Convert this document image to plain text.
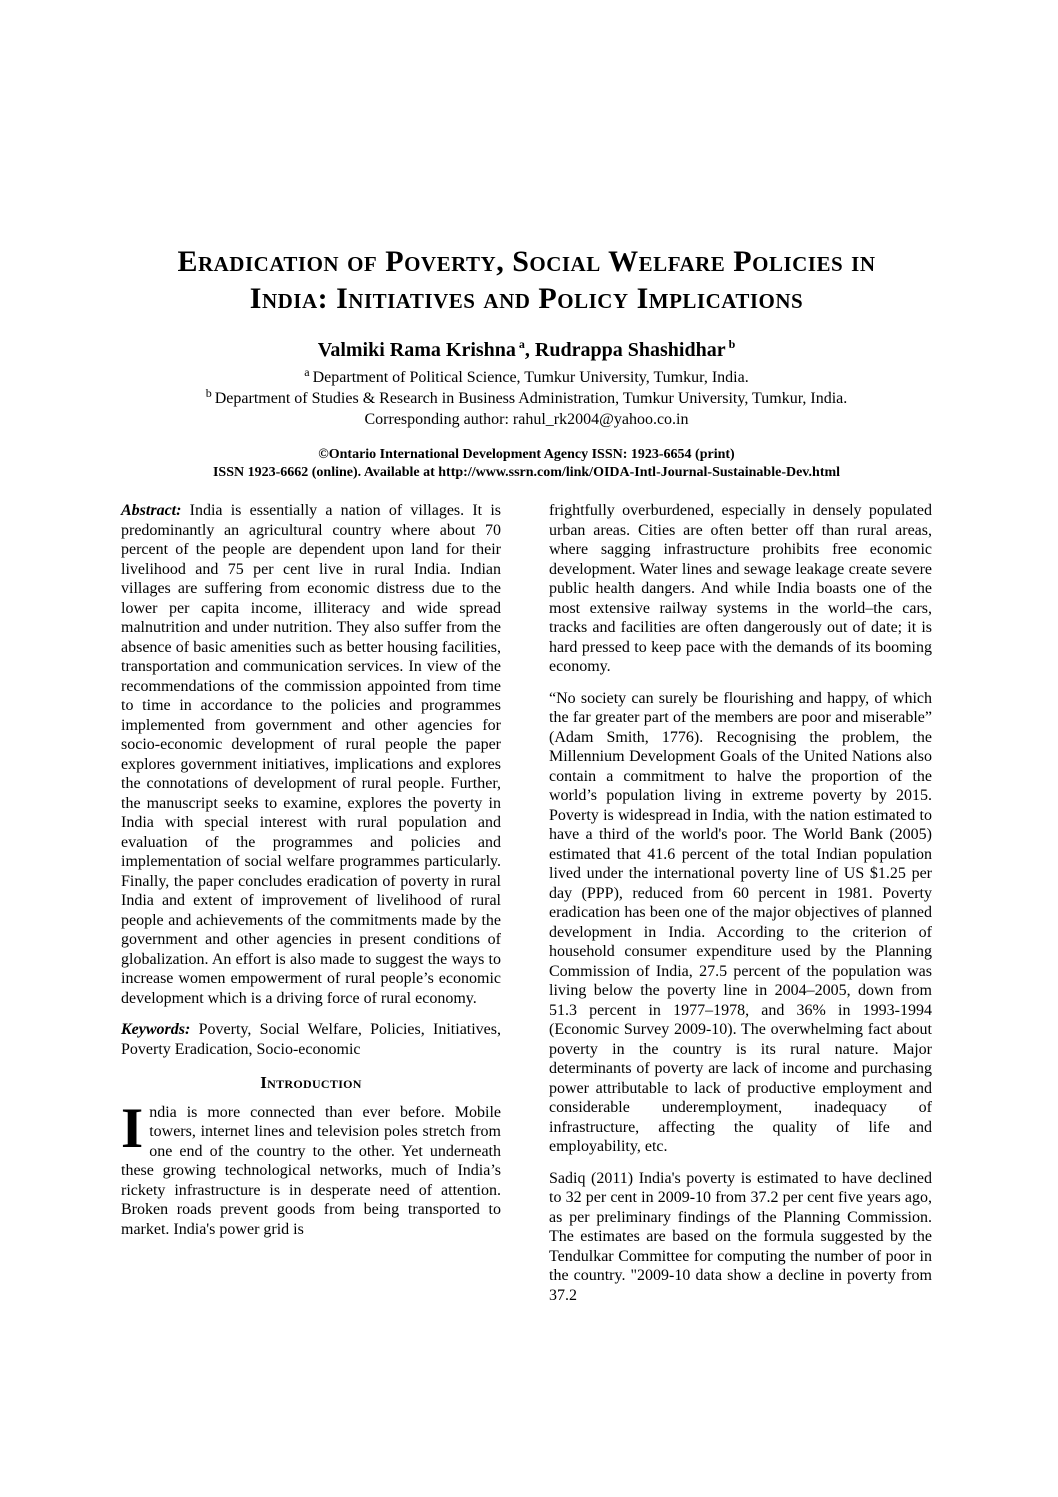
Eradication of Poverty, Social Welfare Policies in
India: Initiatives and Policy Implications
Valmiki Rama Krishna $^a$, Rudrappa Shashidhar $^b$
$^a$ Department of Political Science, Tumkur University, Tumkur, India.
$^b$ Department of Studies & Research in Business Administration, Tumkur University, Tumkur, India.
Corresponding author: rahul_rk2004@yahoo.co.in
©Ontario International Development Agency ISSN: 1923-6654 (print)
ISSN 1923-6662 (online). Available at http://www.ssrn.com/link/OIDA-Intl-Journal-Sustainable-Dev.html

Abstract: India is essentially a nation of villages. It is predominantly an agricultural country where about 70 percent of the people are dependent upon land for their livelihood and 75 per cent live in rural India. Indian villages are suffering from economic distress due to the lower per capita income, illiteracy and wide spread malnutrition and under nutrition. They also suffer from the absence of basic amenities such as better housing facilities, transportation and communication services. In view of the recommendations of the commission appointed from time to time in accordance to the policies and programmes implemented from government and other agencies for socio-economic development of rural people the paper explores government initiatives, implications and explores the connotations of development of rural people. Further, the manuscript seeks to examine, explores the poverty in India with special interest with rural population and evaluation of the programmes and policies and implementation of social welfare programmes particularly. Finally, the paper concludes eradication of poverty in rural India and extent of improvement of livelihood of rural people and achievements of the commitments made by the government and other agencies in present conditions of globalization. An effort is also made to suggest the ways to increase women empowerment of rural people’s economic development which is a driving force of rural economy.

Keywords: Poverty, Social Welfare, Policies, Initiatives, Poverty Eradication, Socio-economic

Introduction

India is more connected than ever before. Mobile towers, internet lines and television poles stretch from one end of the country to the other. Yet underneath these growing technological networks, much of India’s rickety infrastructure is in desperate need of attention. Broken roads prevent goods from being transported to market. India's power grid is

frightfully overburdened, especially in densely populated urban areas. Cities are often better off than rural areas, where sagging infrastructure prohibits free economic development. Water lines and sewage leakage create severe public health dangers. And while India boasts one of the most extensive railway systems in the world–the cars, tracks and facilities are often dangerously out of date; it is hard pressed to keep pace with the demands of its booming economy.

“No society can surely be flourishing and happy, of which the far greater part of the members are poor and miserable” (Adam Smith, 1776). Recognising the problem, the Millennium Development Goals of the United Nations also contain a commitment to halve the proportion of the world’s population living in extreme poverty by 2015. Poverty is widespread in India, with the nation estimated to have a third of the world's poor. The World Bank (2005) estimated that 41.6 percent of the total Indian population lived under the international poverty line of US $1.25 per day (PPP), reduced from 60 percent in 1981. Poverty eradication has been one of the major objectives of planned development in India. According to the criterion of household consumer expenditure used by the Planning Commission of India, 27.5 percent of the population was living below the poverty line in 2004–2005, down from 51.3 percent in 1977–1978, and 36% in 1993-1994 (Economic Survey 2009-10). The overwhelming fact about poverty in the country is its rural nature. Major determinants of poverty are lack of income and purchasing power attributable to lack of productive employment and considerable underemployment, inadequacy of infrastructure, affecting the quality of life and employability, etc.

Sadiq (2011) India's poverty is estimated to have declined to 32 per cent in 2009-10 from 37.2 per cent five years ago, as per preliminary findings of the Planning Commission. The estimates are based on the formula suggested by the Tendulkar Committee for computing the number of poor in the country. "2009-10 data show a decline in poverty from 37.2
